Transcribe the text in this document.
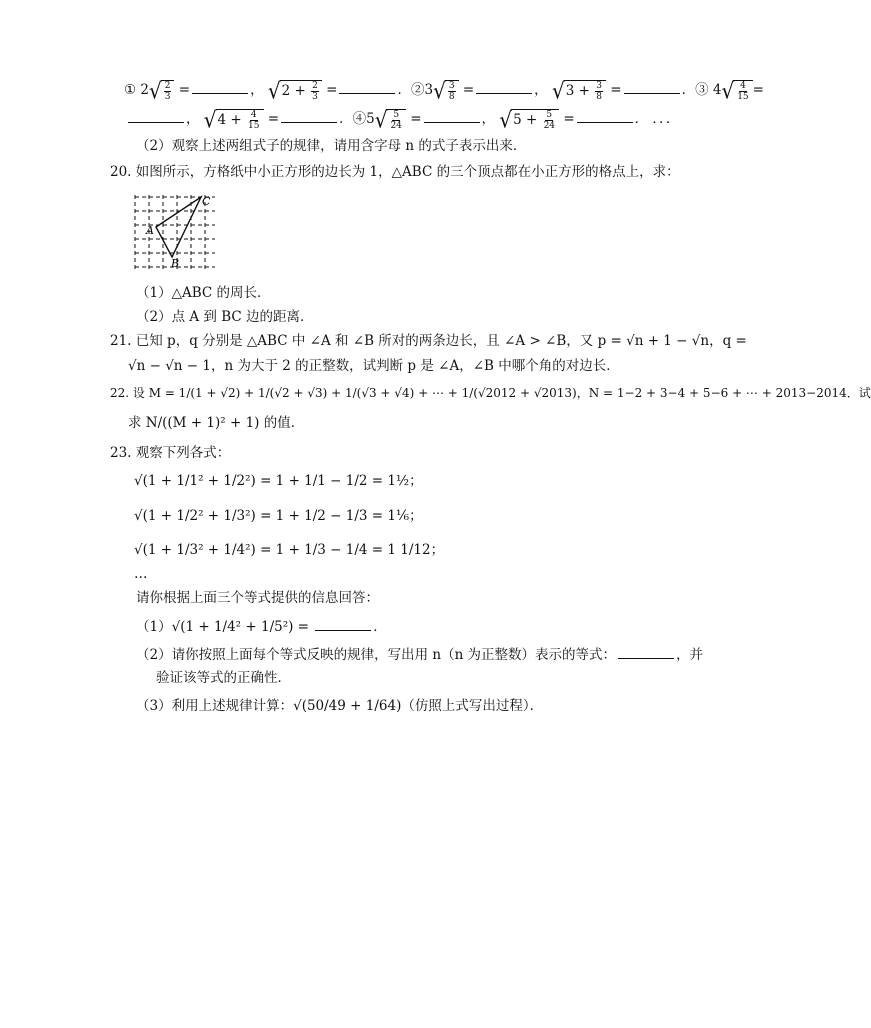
① 2 √ $\frac{2}{3}$ =	， √ 2 +
$\frac{2}{3}$ =	．②3 √ $\frac{3}{8}$ =	， √ 3 +
$\frac{3}{8}$ =	．③ 4 √ $\frac{4}{15}$ =
， √ 4 +
$\frac{4}{15}$ =	．④5 √ $\frac{5}{24}$ =	， √ 5 +
$\frac{5}{24}$ =	． ．．．
（2）观察上述两组式子的规律，请用含字母 n 的式子表示出来．
20. 如图所示，方格纸中小正方形的边长为 1，△ABC 的三个顶点都在小正方形的格点上，求：
A
C
B
（1）△ABC 的周长．
（2）点 A 到 BC 边的距离．
21. 已知 p，q 分别是 △ABC 中 ∠A 和 ∠B 所对的两条边长，且 ∠A > ∠B，又 p = √n + 1 − √n，q =
√n − √n − 1，n 为大于 2 的正整数，试判断 p 是 ∠A，∠B 中哪个角的对边长．
22. 设 M = 1/(1 + √2) + 1/(√2 + √3) + 1/(√3 + √4) + ⋯ + 1/(√2012 + √2013)，N = 1−2 + 3−4 + 5−6 + ⋯ + 2013−2014．试
求 N/((M + 1)² + 1) 的值．
23. 观察下列各式：
√(1 + 1/1² + 1/2²) = 1 + 1/1 − 1/2 = 1½；
√(1 + 1/2² + 1/3²) = 1 + 1/2 − 1/3 = 1⅙；
√(1 + 1/3² + 1/4²) = 1 + 1/3 − 1/4 = 1 1/12；
…
请你根据上面三个等式提供的信息回答：
（1）√(1 + 1/4² + 1/5²) =	．
（2）请你按照上面每个等式反映的规律，写出用 n（n 为正整数）表示的等式：	，并
验证该等式的正确性．
（3）利用上述规律计算：√(50/49 + 1/64)（仿照上式写出过程）．
